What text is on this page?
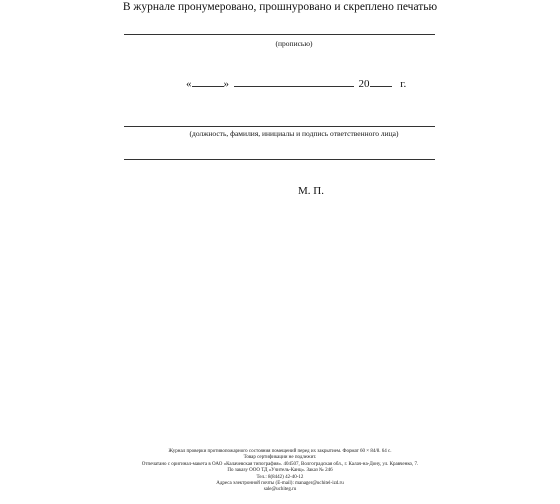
В журнале пронумеровано, прошнуровано и скреплено печатью
(прописью)
«	»	20	г.
(должность, фамилия, инициалы и подпись ответственного лица)
М. П.
Журнал проверки противопожарного состояния помещений перед их закрытием. Формат 60 × 84/8. 64 с.
Товар сертификации не подлежит.
Отпечатано с оригинал-макета в ОАО «Калачевская типография». 404507, Волгоградская обл., г. Калач-на-Дону, ул. Кравченко, 7.
По заказу ООО ТД «Учитель-Канц». Заказ № 246
Тел.: 8(8442) 42-40-12
Адреса электронной почты (E-mail): manager@uchitel-izd.ru
sale@uchiteg.ru
